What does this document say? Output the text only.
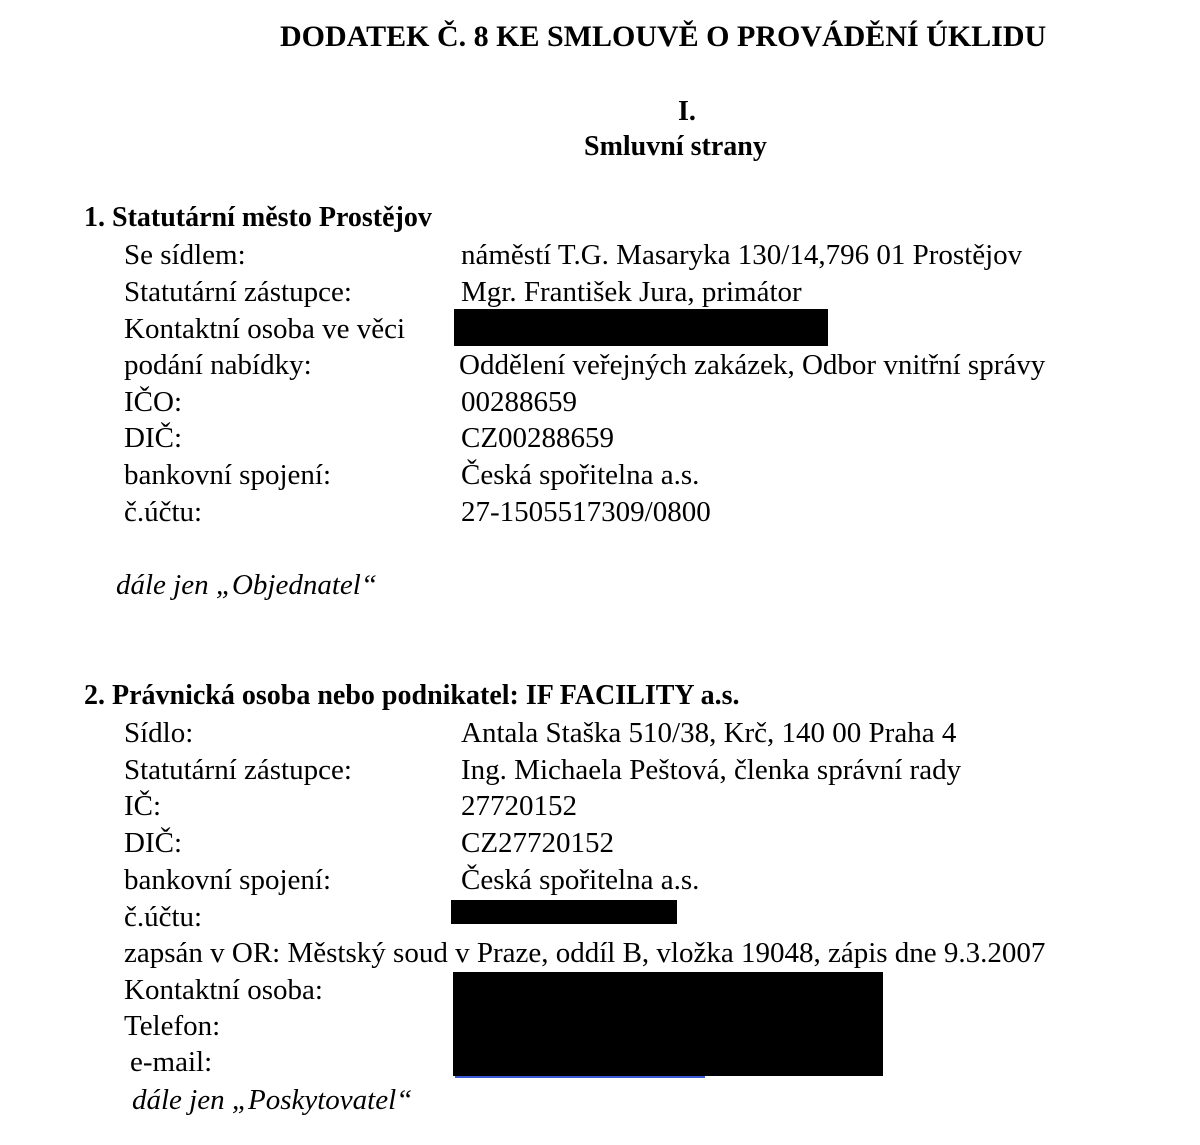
DODATEK Č. 8 KE SMLOUVĚ O PROVÁDĚNÍ ÚKLIDU
I.
Smluvní strany
1. Statutární město Prostějov
Se sídlem:	náměstí T.G. Masaryka 130/14,796 01 Prostějov
Statutární zástupce:	Mgr. František Jura, primátor
Kontaktní osoba ve věci
podání nabídky:	Oddělení veřejných zakázek, Odbor vnitřní správy
IČO:	00288659
DIČ:	CZ00288659
bankovní spojení:	Česká spořitelna a.s.
č.účtu:	27-1505517309/0800
dále jen „Objednatel“
2. Právnická osoba nebo podnikatel: IF FACILITY a.s.
Sídlo:	Antala Staška 510/38, Krč, 140 00 Praha 4
Statutární zástupce:	Ing. Michaela Peštová, členka správní rady
IČ:	27720152
DIČ:	CZ27720152
bankovní spojení:	Česká spořitelna a.s.
č.účtu:
zapsán v OR: Městský soud v Praze, oddíl B, vložka 19048, zápis dne 9.3.2007
Kontaktní osoba:
Telefon:
e-mail:
dále jen „Poskytovatel“
